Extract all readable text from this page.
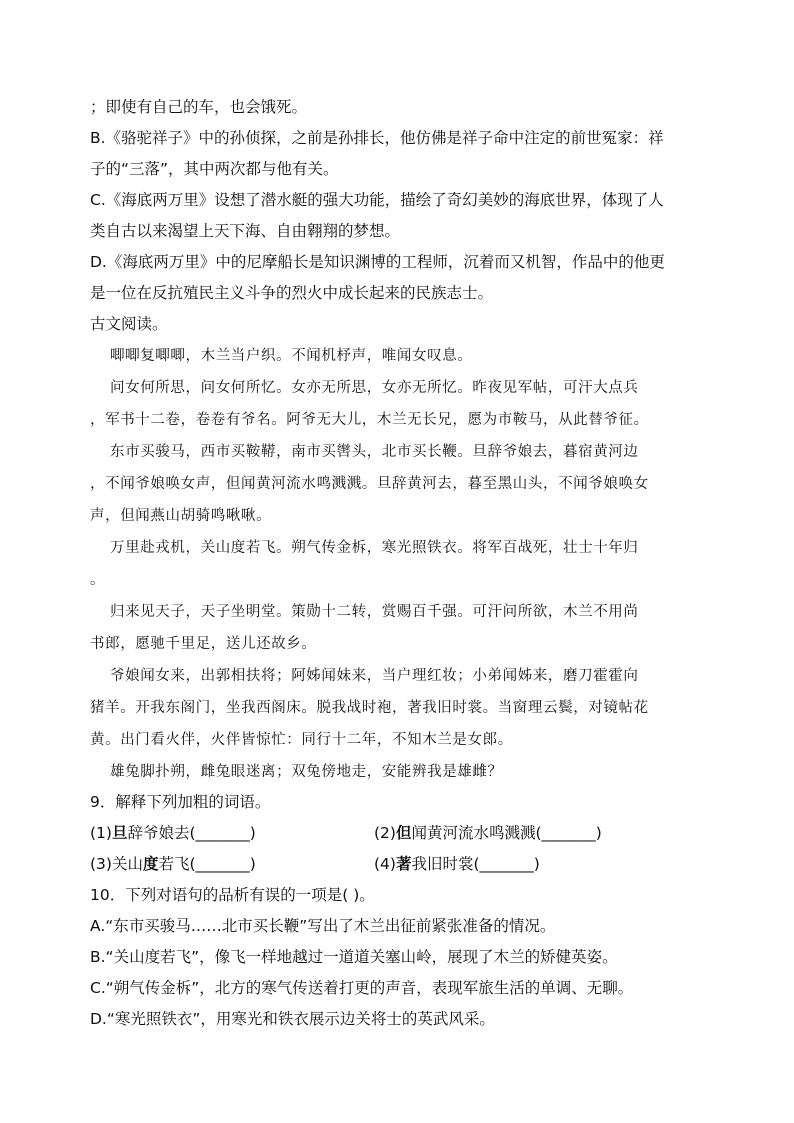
；即使有自己的车，也会饿死。
B.《骆驼祥子》中的孙侦探，之前是孙排长，他仿佛是祥子命中注定的前世冤家：祥
子的“三落”，其中两次都与他有关。
C.《海底两万里》设想了潜水艇的强大功能，描绘了奇幻美妙的海底世界，体现了人
类自古以来渴望上天下海、自由翱翔的梦想。
D.《海底两万里》中的尼摩船长是知识渊博的工程师，沉着而又机智，作品中的他更
是一位在反抗殖民主义斗争的烈火中成长起来的民族志士。
古文阅读。
唧唧复唧唧，木兰当户织。不闻机杼声，唯闻女叹息。
问女何所思，问女何所忆。女亦无所思，女亦无所忆。昨夜见军帖，可汗大点兵
，军书十二卷，卷卷有爷名。阿爷无大儿，木兰无长兄，愿为市鞍马，从此替爷征。
东市买骏马，西市买鞍鞯，南市买辔头，北市买长鞭。旦辞爷娘去，暮宿黄河边
，不闻爷娘唤女声，但闻黄河流水鸣溅溅。旦辞黄河去，暮至黑山头，不闻爷娘唤女
声，但闻燕山胡骑鸣啾啾。
万里赴戎机，关山度若飞。朔气传金柝，寒光照铁衣。将军百战死，壮士十年归
。
归来见天子，天子坐明堂。策勋十二转，赏赐百千强。可汗问所欲，木兰不用尚
书郎，愿驰千里足，送儿还故乡。
爷娘闻女来，出郭相扶将；阿姊闻妹来，当户理红妆；小弟闻姊来，磨刀霍霍向
猪羊。开我东阁门，坐我西阁床。脱我战时袍，著我旧时裳。当窗理云鬓，对镜帖花
黄。出门看火伴，火伴皆惊忙：同行十二年，不知木兰是女郎。
雄兔脚扑朔，雌兔眼迷离；双兔傍地走，安能辨我是雄雌？
9．解释下列加粗的词语。
(1)旦辞爷娘去(_______)	(2)但闻黄河流水鸣溅溅(_______)
(3)关山度若飞(_______)	(4)著我旧时裳(_______)
10．下列对语句的品析有误的一项是( )。
A.“东市买骏马……北市买长鞭”写出了木兰出征前紧张准备的情况。
B.“关山度若飞”，像飞一样地越过一道道关塞山岭，展现了木兰的矫健英姿。
C.“朔气传金柝”，北方的寒气传送着打更的声音，表现军旅生活的单调、无聊。
D.“寒光照铁衣”，用寒光和铁衣展示边关将士的英武风采。
